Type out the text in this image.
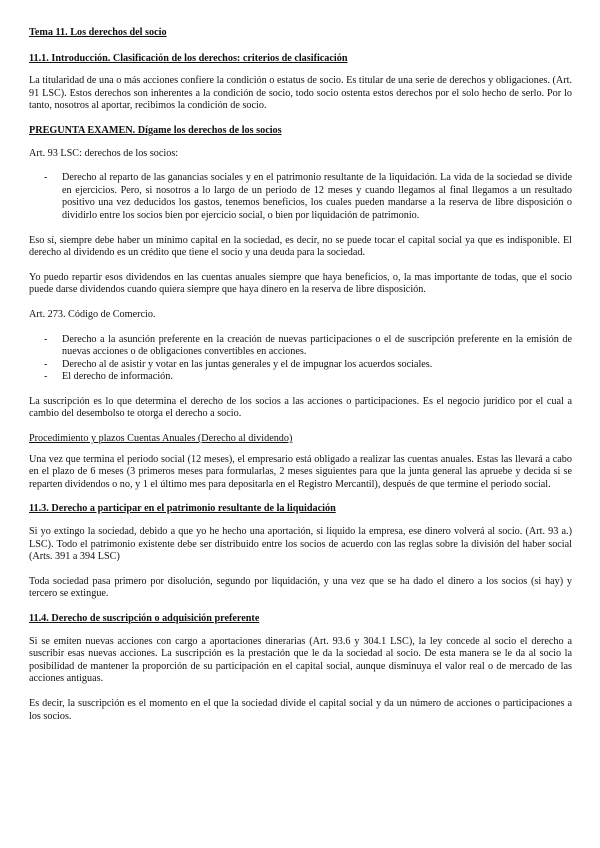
Tema 11. Los derechos del socio
11.1. Introducción. Clasificación de los derechos: criterios de clasificación

La titularidad de una o más acciones confiere la condición o estatus de socio. Es titular de una serie de derechos y obligaciones. (Art. 91 LSC). Estos derechos son inherentes a la condición de socio, todo socio ostenta estos derechos por el solo hecho de serlo. Por lo tanto, nosotros al aportar, recibimos la condición de socio.

PREGUNTA EXAMEN. Dígame los derechos de los socios

Art. 93 LSC: derechos de los socios:

- Derecho al reparto de las ganancias sociales y en el patrimonio resultante de la liquidación. La vida de la sociedad se divide en ejercicios. Pero, si nosotros a lo largo de un periodo de 12 meses y cuando llegamos al final llegamos a un resultado positivo una vez deducidos los gastos, tenemos beneficios, los cuales pueden mandarse a la reserva de libre disposición o dividirlo entre los socios bien por ejercicio social, o bien por liquidación de patrimonio.

Eso sí, siempre debe haber un mínimo capital en la sociedad, es decir, no se puede tocar el capital social ya que es indisponible. El derecho al dividendo es un crédito que tiene el socio y una deuda para la sociedad.

Yo puedo repartir esos dividendos en las cuentas anuales siempre que haya beneficios, o, la mas importante de todas, que el socio puede darse dividendos cuando quiera siempre que haya dinero en la reserva de libre disposición.

Art. 273. Código de Comercio.

- Derecho a la asunción preferente en la creación de nuevas participaciones o el de suscripción preferente en la emisión de nuevas acciones o de obligaciones convertibles en acciones.
- Derecho al de asistir y votar en las juntas generales y el de impugnar los acuerdos sociales.
- El derecho de información.

La suscripción es lo que determina el derecho de los socios a las acciones o participaciones. Es el negocio jurídico por el cual a cambio del desembolso te otorga el derecho a socio.

Procedimiento y plazos Cuentas Anuales (Derecho al dividendo)

Una vez que termina el periodo social (12 meses), el empresario está obligado a realizar las cuentas anuales. Estas las llevará a cabo en el plazo de 6 meses (3 primeros meses para formularlas, 2 meses siguientes para que la junta general las apruebe y decida si se reparten dividendos o no, y 1 el último mes para depositarla en el Registro Mercantil), después de que termine el periodo social.

11.3. Derecho a participar en el patrimonio resultante de la liquidación

Si yo extingo la sociedad, debido a que yo he hecho una aportación, si liquido la empresa, ese dinero volverá al socio. (Art. 93 a.) LSC). Todo el patrimonio existente debe ser distribuido entre los socios de acuerdo con las reglas sobre la división del haber social (Arts. 391 a 394 LSC)

Toda sociedad pasa primero por disolución, segundo por liquidación, y una vez que se ha dado el dinero a los socios (si hay) y tercero se extingue.

11.4. Derecho de suscripción o adquisición preferente

Si se emiten nuevas acciones con cargo a aportaciones dinerarias (Art. 93.6 y 304.1 LSC), la ley concede al socio el derecho a suscribir esas nuevas acciones. La suscripción es la prestación que le da la sociedad al socio. De esta manera se le da al socio la posibilidad de mantener la proporción de su participación en el capital social, aunque disminuya el valor real o de mercado de las acciones antiguas.

Es decir, la suscripción es el momento en el que la sociedad divide el capital social y da un número de acciones o participaciones a los socios.
